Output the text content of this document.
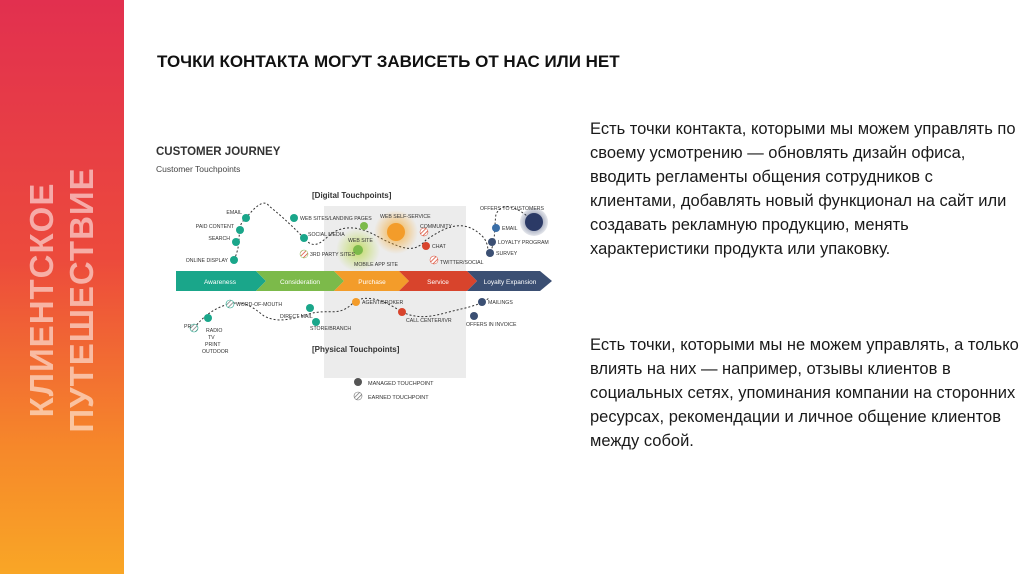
КЛИЕНТСКОЕ ПУТЕШЕСТВИЕ
ТОЧКИ КОНТАКТА МОГУТ ЗАВИСЕТЬ ОТ НАС ИЛИ НЕТ
CUSTOMER JOURNEY
Customer Touchpoints
[Digital Touchpoints]
[Physical Touchpoints]
Awareness	Consideration	Purchase	Service	Loyalty Expansion
EMAIL
PAID CONTENT
SEARCH
ONLINE DISPLAY
WEB SITES/LANDING PAGES
SOCIAL MEDIA
3RD PARTY SITES
WEB SELF-SERVICE
WEB SITE
MOBILE APP SITE
COMMUNITY
CHAT
TWITTER/SOCIAL
OFFERS TO CUSTOMERS
EMAIL
LOYALTY PROGRAM
SURVEY
PR
RADIO
TV
PRINT
OUTDOOR
WORD-OF-MOUTH
DIRECT MAIL
STORE/BRANCH
AGENT/BROKER
CALL CENTER/IVR
MAILINGS
OFFERS IN INVOICE
MANAGED TOUCHPOINT
EARNED TOUCHPOINT

Есть точки контакта, которыми мы можем управлять по своему усмотрению — обновлять дизайн офиса, вводить регламенты общения сотрудников с клиентами, добавлять новый функционал на сайт или создавать рекламную продукцию, менять характеристики продукта или упаковку.

Есть точки, которыми мы не можем управлять, а только влиять на них — например, отзывы клиентов в социальных сетях, упоминания компании на сторонних ресурсах, рекомендации и личное общение клиентов между собой.
